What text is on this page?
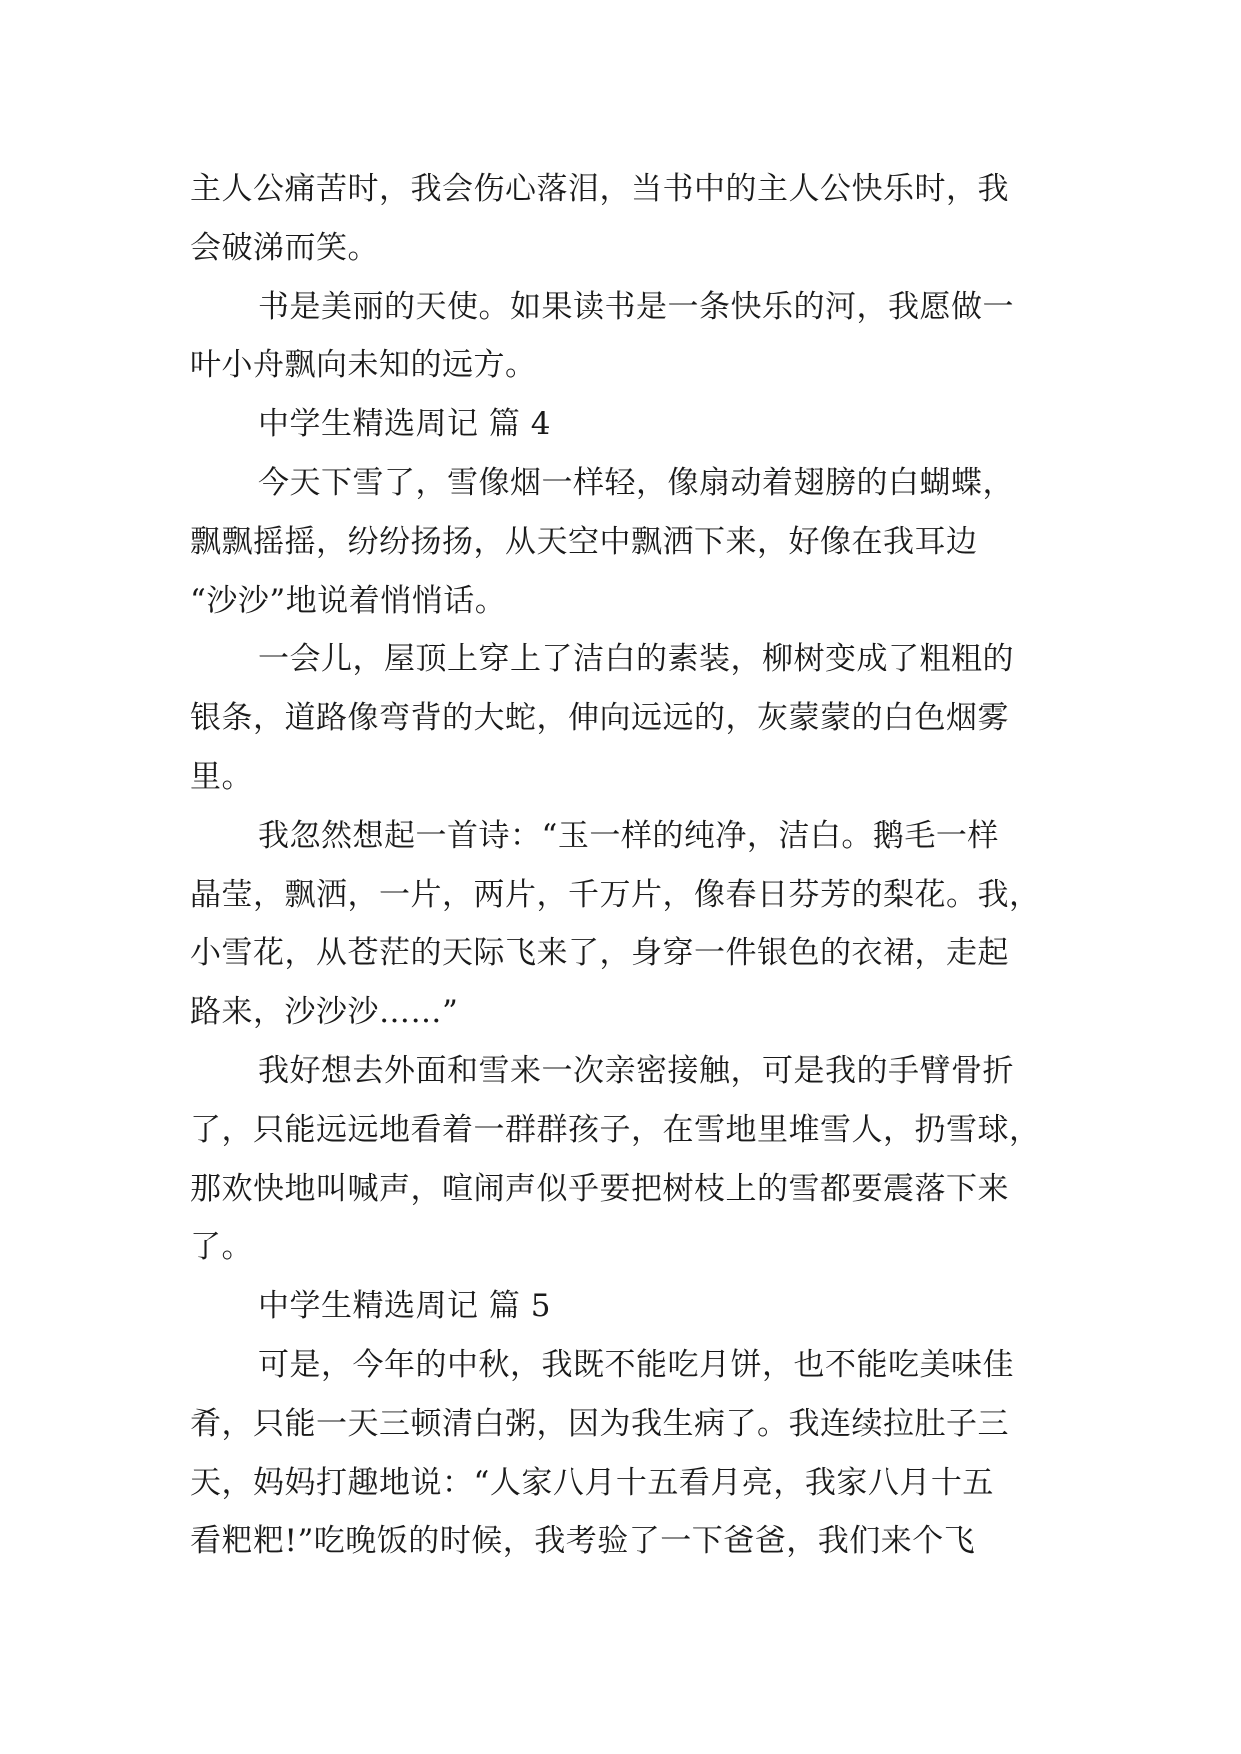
主人公痛苦时，我会伤心落泪，当书中的主人公快乐时，我
会破涕而笑。
书是美丽的天使。如果读书是一条快乐的河，我愿做一
叶小舟飘向未知的远方。
中学生精选周记 篇 4
今天下雪了，雪像烟一样轻，像扇动着翅膀的白蝴蝶，
飘飘摇摇，纷纷扬扬，从天空中飘洒下来，好像在我耳边
“沙沙”地说着悄悄话。
一会儿，屋顶上穿上了洁白的素装，柳树变成了粗粗的
银条，道路像弯背的大蛇，伸向远远的，灰蒙蒙的白色烟雾
里。
我忽然想起一首诗：“玉一样的纯净，洁白。鹅毛一样
晶莹，飘洒，一片，两片，千万片，像春日芬芳的梨花。我，
小雪花，从苍茫的天际飞来了，身穿一件银色的衣裙，走起
路来，沙沙沙……”
我好想去外面和雪来一次亲密接触，可是我的手臂骨折
了，只能远远地看着一群群孩子，在雪地里堆雪人，扔雪球，
那欢快地叫喊声，喧闹声似乎要把树枝上的雪都要震落下来
了。
中学生精选周记 篇 5
可是，今年的中秋，我既不能吃月饼，也不能吃美味佳
肴，只能一天三顿清白粥，因为我生病了。我连续拉肚子三
天，妈妈打趣地说：“人家八月十五看月亮，我家八月十五
看粑粑!”吃晚饭的时候，我考验了一下爸爸，我们来个飞
